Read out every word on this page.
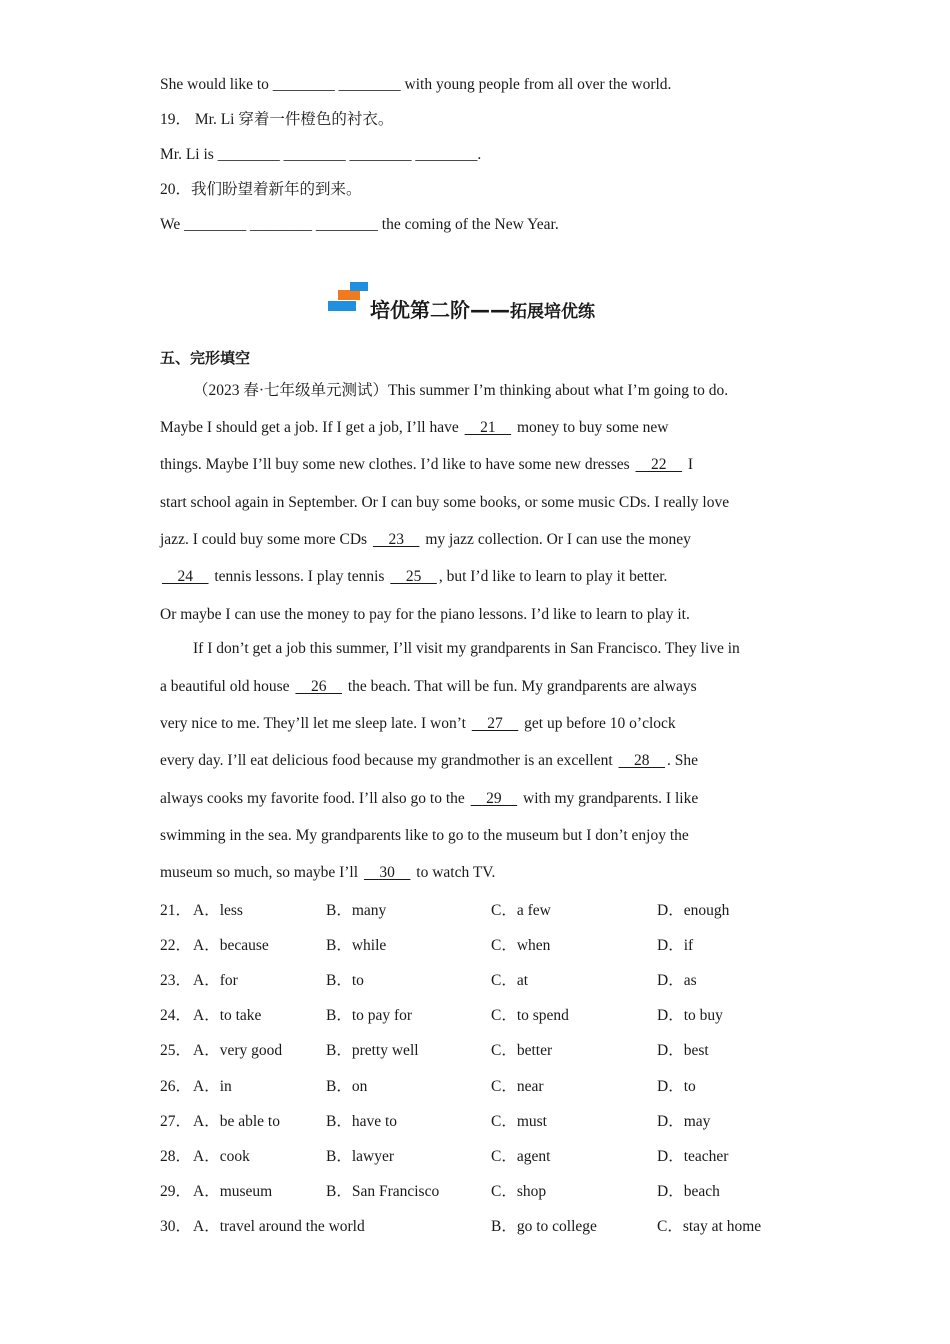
She would like to ________ ________ with young people from all over the world.
19． Mr. Li 穿着一件橙色的衬衣。
Mr. Li is ________ ________ ________ ________.
20．我们盼望着新年的到来。
We ________ ________ ________ the coming of the New Year.
培优第二阶——拓展培优练
五、完形填空
（2023 春·七年级单元测试）This summer I’m thinking about what I’m going to do.
Maybe I should get a job. If I get a job, I’ll have     21     money to buy some new
things. Maybe I’ll buy some new clothes. I’d like to have some new dresses     22     I
start school again in September. Or I can buy some books, or some music CDs. I really love
jazz. I could buy some more CDs     23     my jazz collection. Or I can use the money
24     tennis lessons. I play tennis     25    , but I’d like to learn to play it better.
Or maybe I can use the money to pay for the piano lessons. I’d like to learn to play it.
If I don’t get a job this summer, I’ll visit my grandparents in San Francisco. They live in
a beautiful old house     26     the beach. That will be fun. My grandparents are always
very nice to me. They’ll let me sleep late. I won’t     27     get up before 10 o’clock
every day. I’ll eat delicious food because my grandmother is an excellent     28    . She
always cooks my favorite food. I’ll also go to the     29     with my grandparents. I like
swimming in the sea. My grandparents like to go to the museum but I don’t enjoy the
museum so much, so maybe I’ll     30     to watch TV.
21． A．less	B．many	C．a few	D．enough
22． A．because	B．while	C．when	D．if
23． A．for	B．to	C．at	D．as
24． A．to take	B．to pay for	C．to spend	D．to buy
25． A．very good	B．pretty well	C．better	D．best
26． A．in	B．on	C．near	D．to
27． A．be able to	B．have to	C．must	D．may
28． A．cook	B．lawyer	C．agent	D．teacher
29． A．museum	B．San Francisco	C．shop	D．beach
30． A．travel around the world	B．go to college	C．stay at home
